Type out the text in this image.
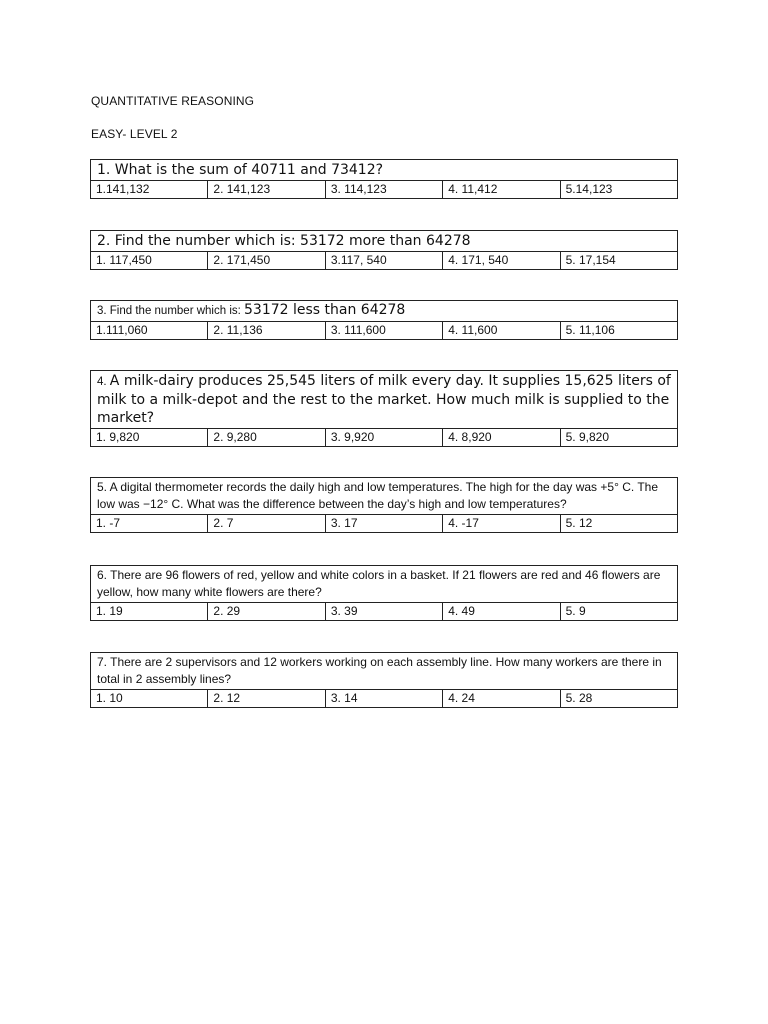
QUANTITATIVE REASONING
EASY- LEVEL 2
1. What is the sum of 40711 and 73412?
1.141,132	2. 141,123	3. 114,123	4. 11,412	5.14,123
2. Find the number which is: 53172 more than 64278
1. 117,450	2. 171,450	3.117, 540	4. 171, 540	5. 17,154
3. Find the number which is: 53172 less than 64278
1.111,060	2. 11,136	3. 111,600	4. 11,600	5. 11,106
4. A milk-dairy produces 25,545 liters of milk every day. It supplies 15,625 liters of milk to a milk-depot and the rest to the market. How much milk is supplied to the market?
1. 9,820	2. 9,280	3. 9,920	4. 8,920	5. 9,820
5. A digital thermometer records the daily high and low temperatures. The high for the day was +5° C. The low was −12° C. What was the difference between the day’s high and low temperatures?
1. -7	2. 7	3. 17	4. -17	5. 12
6. There are 96 flowers of red, yellow and white colors in a basket. If 21 flowers are red and 46 flowers are yellow, how many white flowers are there?
1. 19	2. 29	3. 39	4. 49	5. 9
7. There are 2 supervisors and 12 workers working on each assembly line. How many workers are there in total in 2 assembly lines?
1. 10	2. 12	3. 14	4. 24	5. 28
